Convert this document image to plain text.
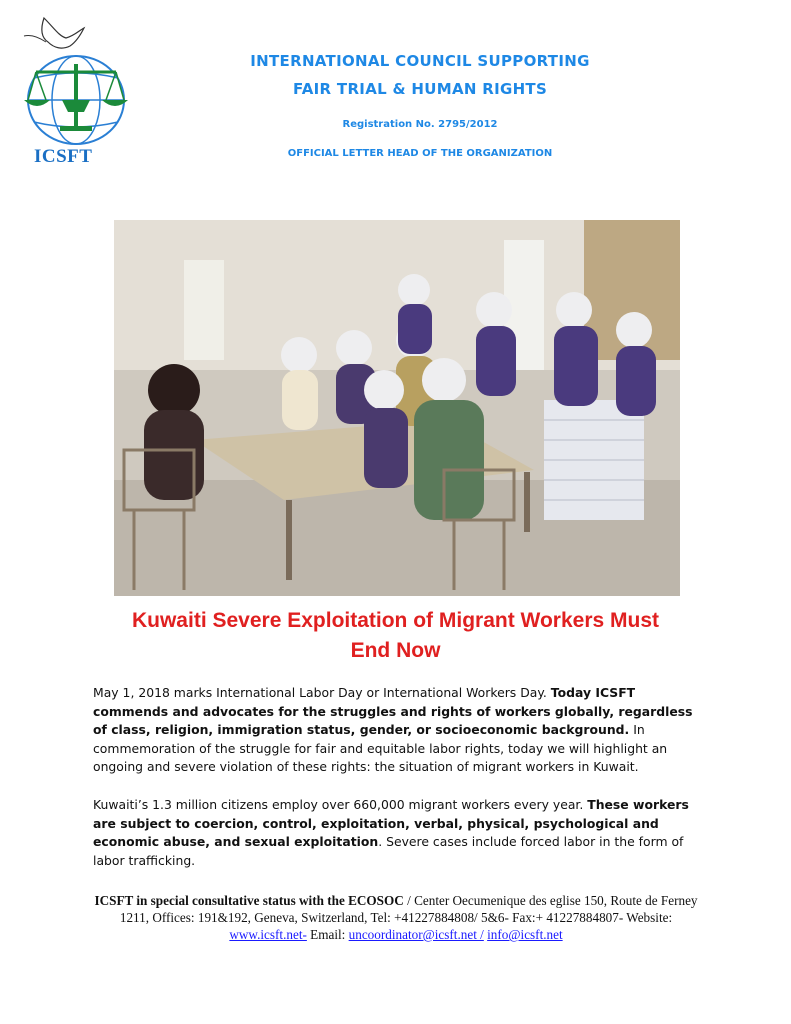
ICSFT
INTERNATIONAL COUNCIL SUPPORTING
FAIR TRIAL & HUMAN RIGHTS
Registration No. 2795/2012
OFFICIAL LETTER HEAD OF THE ORGANIZATION
Kuwaiti Severe Exploitation of Migrant Workers Must
End Now
May 1, 2018 marks International Labor Day or International Workers Day. Today ICSFT commends and advocates for the struggles and rights of workers globally, regardless of class, religion, immigration status, gender, or socioeconomic background. In commemoration of the struggle for fair and equitable labor rights, today we will highlight an ongoing and severe violation of these rights: the situation of migrant workers in Kuwait.
Kuwaiti’s 1.3 million citizens employ over 660,000 migrant workers every year. These workers are subject to coercion, control, exploitation, verbal, physical, psychological and economic abuse, and sexual exploitation. Severe cases include forced labor in the form of labor trafficking.
ICSFT in special consultative status with the ECOSOC / Center Oecumenique des eglise 150, Route de Ferney 1211, Offices: 191&192, Geneva, Switzerland, Tel: +41227884808/ 5&6- Fax:+ 41227884807- Website: www.icsft.net- Email: uncoordinator@icsft.net / info@icsft.net
